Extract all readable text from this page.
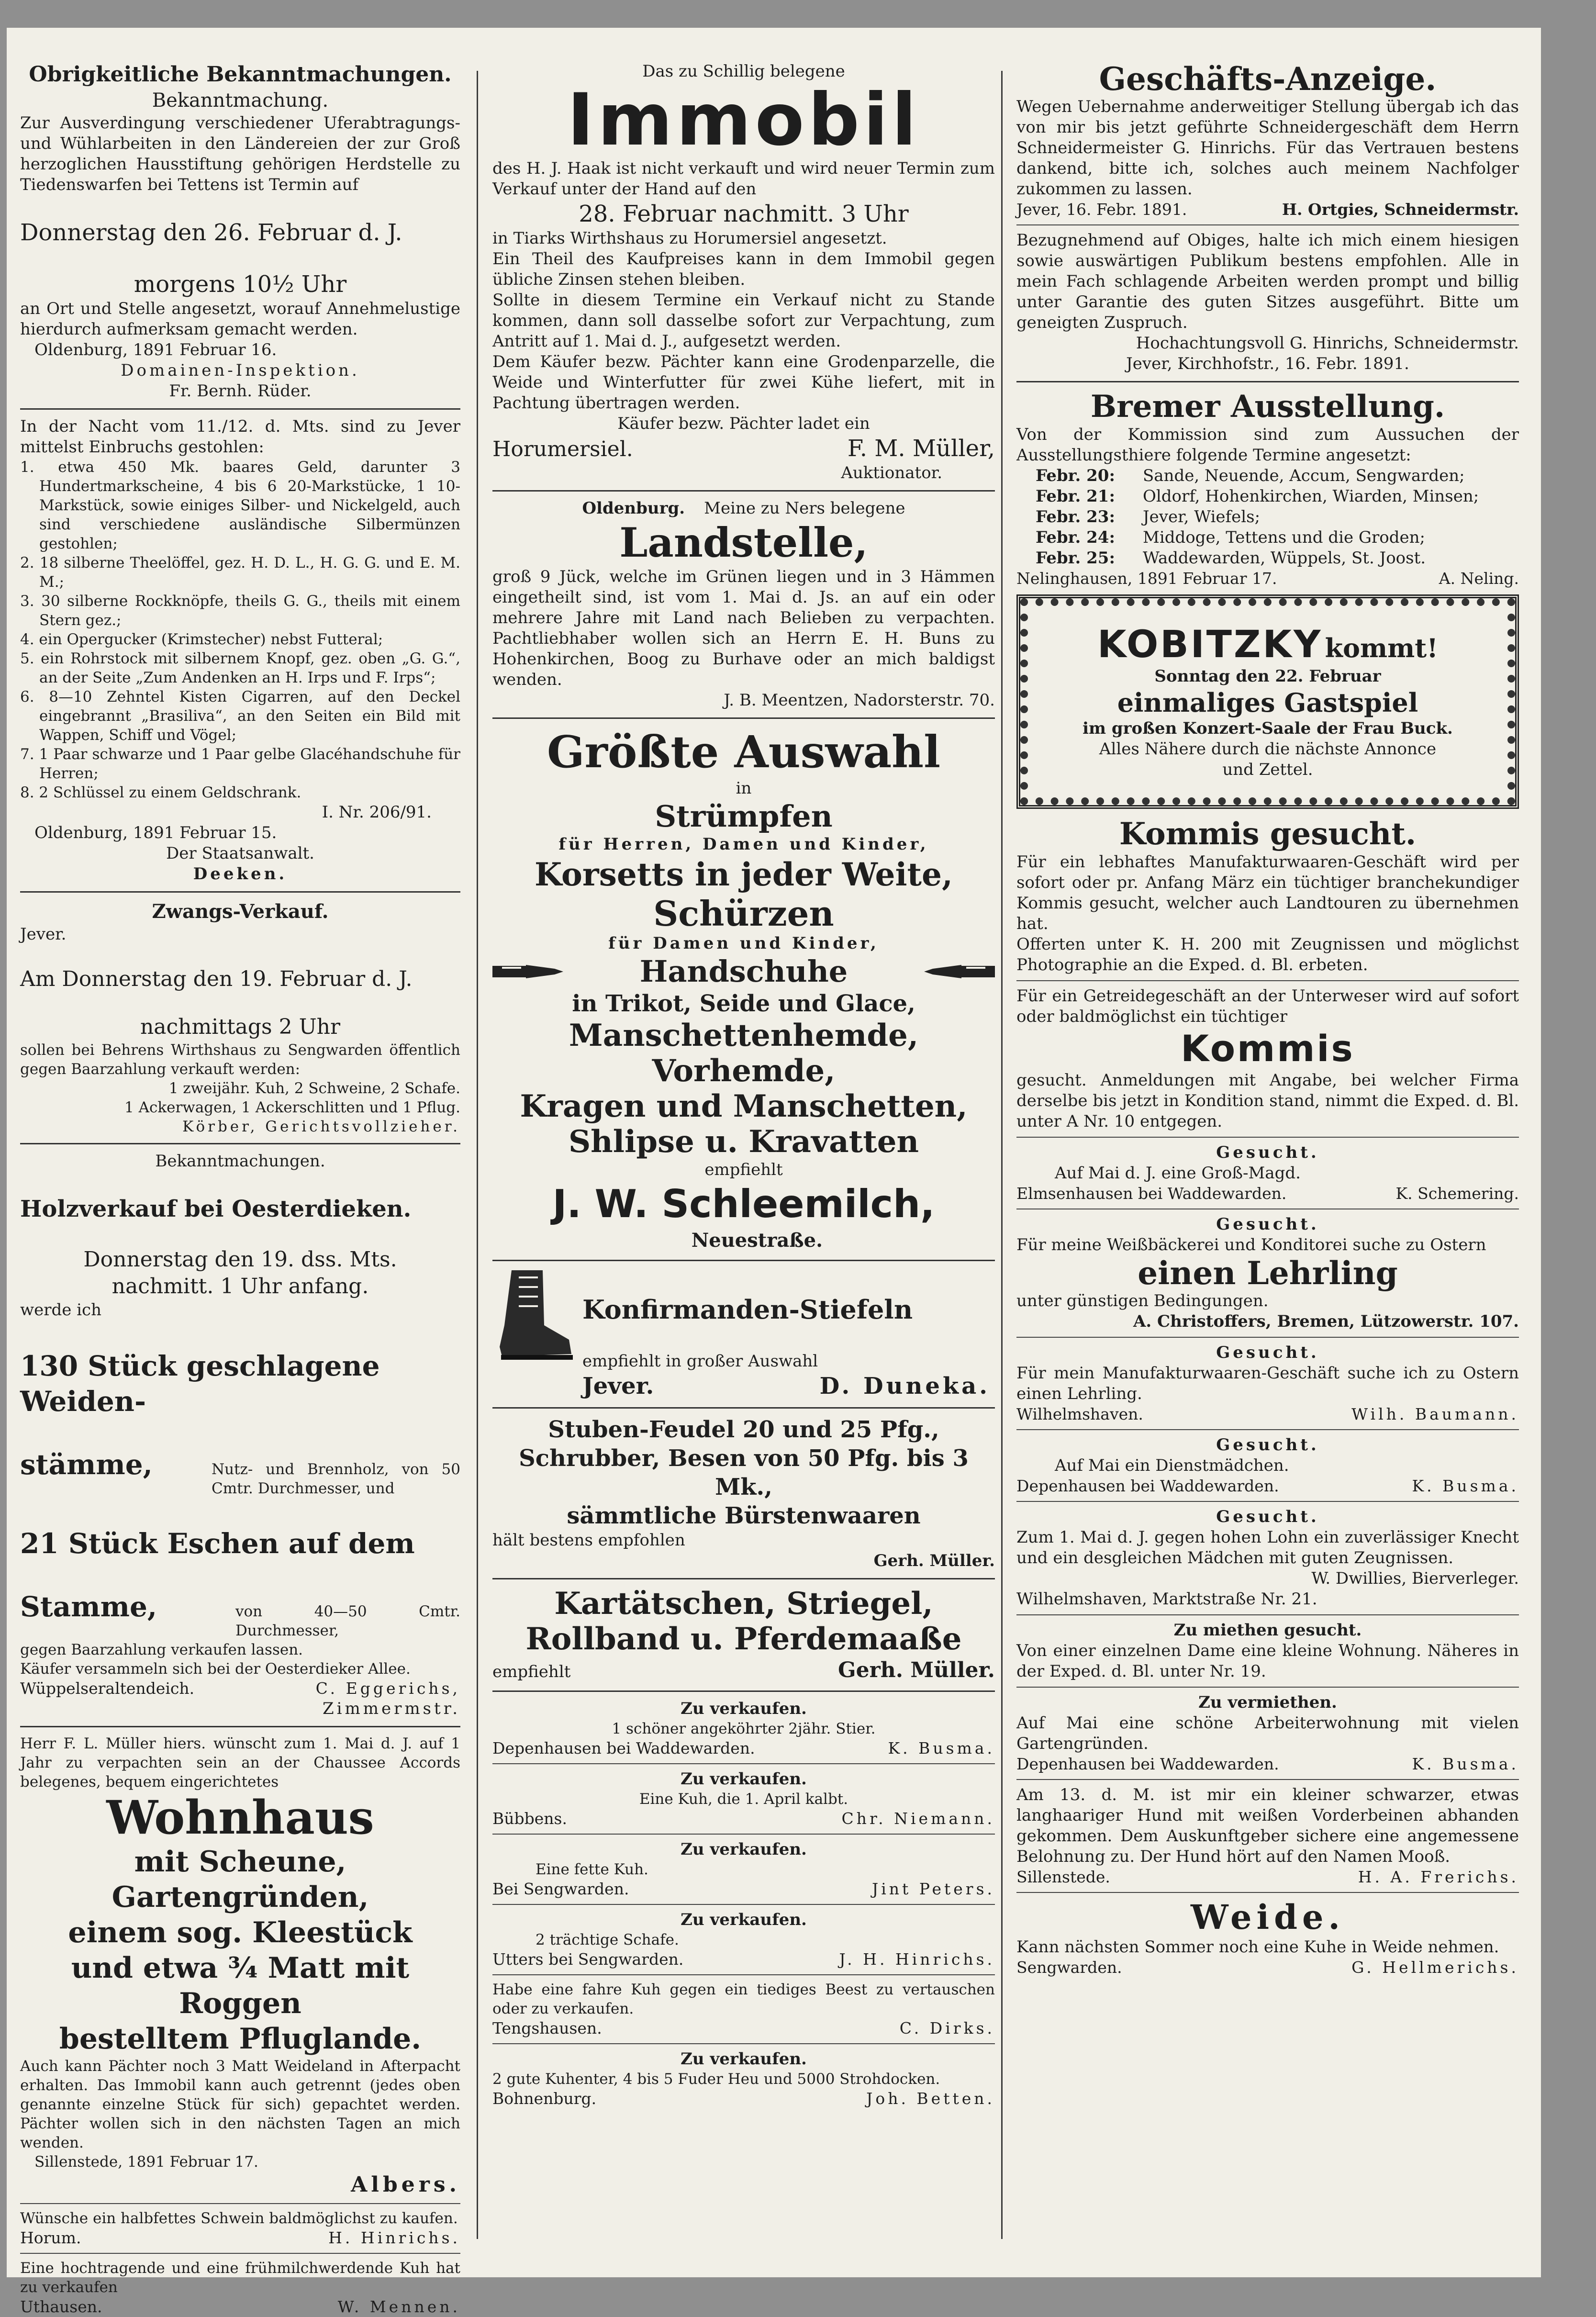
Obrigkeitliche Bekanntmachungen.

Bekanntmachung.

Zur Ausverdingung verschiedener Uferabtragungs- und Wühlarbeiten in den Ländereien der zur Groß herzoglichen Hausstiftung gehörigen Herdstelle zu Tiedenswarfen bei Tettens ist Termin auf

Donnerstag den 26. Februar d. J.

morgens 10½ Uhr

an Ort und Stelle angesetzt, worauf Annehmelustige hierdurch aufmerksam gemacht werden.

Oldenburg, 1891 Februar 16.

Domainen-Inspektion.

Fr. Bernh. Rüder.

In der Nacht vom 11./12. d. Mts. sind zu Jever mittelst Einbruchs gestohlen:

1. etwa 450 Mk. baares Geld, darunter 3 Hundertmarkscheine, 4 bis 6 20-Markstücke, 1 10-Markstück, sowie einiges Silber- und Nickelgeld, auch sind verschiedene ausländische Silbermünzen gestohlen;
2. 18 silberne Theelöffel, gez. H. D. L., H. G. G. und E. M. M.;
3. 30 silberne Rockknöpfe, theils G. G., theils mit einem Stern gez.;
4. ein Opergucker (Krimstecher) nebst Futteral;
5. ein Rohrstock mit silbernem Knopf, gez. oben „G. G.“, an der Seite „Zum Andenken an H. Irps und F. Irps“;
6. 8—10 Zehntel Kisten Cigarren, auf den Deckel eingebrannt „Brasiliva“, an den Seiten ein Bild mit Wappen, Schiff und Vögel;
7. 1 Paar schwarze und 1 Paar gelbe Glacéhandschuhe für Herren;
8. 2 Schlüssel zu einem Geldschrank.

I. Nr. 206/91.

Oldenburg, 1891 Februar 15.

Der Staatsanwalt.

Deeken.

Zwangs-Verkauf.

Jever.

Am Donnerstag den 19. Februar d. J.

nachmittags 2 Uhr

sollen bei Behrens Wirthshaus zu Sengwarden öffentlich gegen Baarzahlung verkauft werden:

1 zweijähr. Kuh, 2 Schweine, 2 Schafe.

1 Ackerwagen, 1 Ackerschlitten und 1 Pflug.

Körber, Gerichtsvollzieher.

Bekanntmachungen.

Holzverkauf bei Oesterdieken.

Donnerstag den 19. dss. Mts.

nachmitt. 1 Uhr anfang.

werde ich

130 Stück geschlagene Weiden-

stämme,	Nutz- und Brennholz, von 50 Cmtr. Durchmesser, und

21 Stück Eschen auf dem

Stamme,	von 40—50 Cmtr. Durchmesser,

gegen Baarzahlung verkaufen lassen.

Käufer versammeln sich bei der Oesterdieker Allee.

Wüppelseraltendeich.	C. Eggerichs,

Zimmermstr.

Herr F. L. Müller hiers. wünscht zum 1. Mai d. J. auf 1 Jahr zu verpachten sein an der Chaussee Accords belegenes, bequem eingerichtetes

Wohnhaus

mit Scheune, Gartengründen,

einem sog. Kleestück

und etwa ¾ Matt mit Roggen

bestelltem Pfluglande.

Auch kann Pächter noch 3 Matt Weideland in Afterpacht erhalten. Das Immobil kann auch getrennt (jedes oben genannte einzelne Stück für sich) gepachtet werden. Pächter wollen sich in den nächsten Tagen an mich wenden.

Sillenstede, 1891 Februar 17.

Albers.

Wünsche ein halbfettes Schwein baldmöglichst zu kaufen.

Horum.	H. Hinrichs.

Eine hochtragende und eine frühmilchwerdende Kuh hat zu verkaufen

Uthausen.	W. Mennen.

Das zu Schillig belegene

Immobil

des H. J. Haak ist nicht verkauft und wird neuer Termin zum Verkauf unter der Hand auf den

28. Februar nachmitt. 3 Uhr

in Tiarks Wirthshaus zu Horumersiel angesetzt.

Ein Theil des Kaufpreises kann in dem Immobil gegen übliche Zinsen stehen bleiben.

Sollte in diesem Termine ein Verkauf nicht zu Stande kommen, dann soll dasselbe sofort zur Verpachtung, zum Antritt auf 1. Mai d. J., aufgesetzt werden.

Dem Käufer bezw. Pächter kann eine Grodenparzelle, die Weide und Winterfutter für zwei Kühe liefert, mit in Pachtung übertragen werden.

Käufer bezw. Pächter ladet ein

Horumersiel.	F. M. Müller,

Auktionator.

Oldenburg. Meine zu Ners belegene

Landstelle,

groß 9 Jück, welche im Grünen liegen und in 3 Hämmen eingetheilt sind, ist vom 1. Mai d. Js. an auf ein oder mehrere Jahre mit Land nach Belieben zu verpachten. Pachtliebhaber wollen sich an Herrn E. H. Buns zu Hohenkirchen, Boog zu Burhave oder an mich baldigst wenden.

J. B. Meentzen, Nadorsterstr. 70.

Größte Auswahl

in

Strümpfen

für Herren, Damen und Kinder,

Korsetts in jeder Weite,

Schürzen

für Damen und Kinder,

Handschuhe

in Trikot, Seide und Glace,

Manschettenhemde, Vorhemde,

Kragen und Manschetten,

Shlipse u. Kravatten

empfiehlt

J. W. Schleemilch,

Neuestraße.

Konfirmanden-Stiefeln

empfiehlt in großer Auswahl

Jever.	D. Duneka.

Stuben-Feudel 20 und 25 Pfg.,

Schrubber, Besen von 50 Pfg. bis 3 Mk.,

sämmtliche Bürstenwaaren

hält bestens empfohlen

Gerh. Müller.

Kartätschen, Striegel,

Rollband u. Pferdemaaße

empfiehlt	Gerh. Müller.

Zu verkaufen.

1 schöner angeköhrter 2jähr. Stier.

Depenhausen bei Waddewarden.	K. Busma.

Zu verkaufen.

Eine Kuh, die 1. April kalbt.

Bübbens.	Chr. Niemann.

Zu verkaufen.

Eine fette Kuh.

Bei Sengwarden.	Jint Peters.

Zu verkaufen.

2 trächtige Schafe.

Utters bei Sengwarden.	J. H. Hinrichs.

Habe eine fahre Kuh gegen ein tiediges Beest zu vertauschen oder zu verkaufen.

Tengshausen.	C. Dirks.

Zu verkaufen.

2 gute Kuhenter, 4 bis 5 Fuder Heu und 5000 Strohdocken.

Bohnenburg.	Joh. Betten.

Geschäfts-Anzeige.

Wegen Uebernahme anderweitiger Stellung übergab ich das von mir bis jetzt geführte Schneidergeschäft dem Herrn Schneidermeister G. Hinrichs. Für das Vertrauen bestens dankend, bitte ich, solches auch meinem Nachfolger zukommen zu lassen.

Jever, 16. Febr. 1891.	H. Ortgies, Schneidermstr.

Bezugnehmend auf Obiges, halte ich mich einem hiesigen sowie auswärtigen Publikum bestens empfohlen. Alle in mein Fach schlagende Arbeiten werden prompt und billig unter Garantie des guten Sitzes ausgeführt. Bitte um geneigten Zuspruch.

Hochachtungsvoll G. Hinrichs, Schneidermstr.

Jever, Kirchhofstr., 16. Febr. 1891.

Bremer Ausstellung.

Von der Kommission sind zum Aussuchen der Ausstellungsthiere folgende Termine angesetzt:

Febr. 20:	Sande, Neuende, Accum, Sengwarden;
Febr. 21:	Oldorf, Hohenkirchen, Wiarden, Minsen;
Febr. 23:	Jever, Wiefels;
Febr. 24:	Middoge, Tettens und die Groden;
Febr. 25:	Waddewarden, Wüppels, St. Joost.
Nelinghausen, 1891 Februar 17.	A. Neling.

KOBITZKY kommt!

Sonntag den 22. Februar

einmaliges Gastspiel

im großen Konzert-Saale der Frau Buck.

Alles Nähere durch die nächste Annonce und Zettel.

Kommis gesucht.

Für ein lebhaftes Manufakturwaaren-Geschäft wird per sofort oder pr. Anfang März ein tüchtiger branchekundiger Kommis gesucht, welcher auch Landtouren zu übernehmen hat.

Offerten unter K. H. 200 mit Zeugnissen und möglichst Photographie an die Exped. d. Bl. erbeten.

Für ein Getreidegeschäft an der Unterweser wird auf sofort oder baldmöglichst ein tüchtiger

Kommis

gesucht. Anmeldungen mit Angabe, bei welcher Firma derselbe bis jetzt in Kondition stand, nimmt die Exped. d. Bl. unter A Nr. 10 entgegen.

Gesucht.

Auf Mai d. J. eine Groß-Magd.

Elmsenhausen bei Waddewarden.	K. Schemering.

Gesucht.

Für meine Weißbäckerei und Konditorei suche zu Ostern

einen Lehrling

unter günstigen Bedingungen.

A. Christoffers, Bremen, Lützowerstr. 107.

Gesucht.

Für mein Manufakturwaaren-Geschäft suche ich zu Ostern einen Lehrling.

Wilhelmshaven.	Wilh. Baumann.

Gesucht.

Auf Mai ein Dienstmädchen.

Depenhausen bei Waddewarden.	K. Busma.

Gesucht.

Zum 1. Mai d. J. gegen hohen Lohn ein zuverlässiger Knecht und ein desgleichen Mädchen mit guten Zeugnissen.

W. Dwillies, Bierverleger.

Wilhelmshaven, Marktstraße Nr. 21.

Zu miethen gesucht.

Von einer einzelnen Dame eine kleine Wohnung. Näheres in der Exped. d. Bl. unter Nr. 19.

Zu vermiethen.

Auf Mai eine schöne Arbeiterwohnung mit vielen Gartengründen.

Depenhausen bei Waddewarden.	K. Busma.

Am 13. d. M. ist mir ein kleiner schwarzer, etwas langhaariger Hund mit weißen Vorderbeinen abhanden gekommen. Dem Auskunftgeber sichere eine angemessene Belohnung zu. Der Hund hört auf den Namen Mooß.

Sillenstede.	H. A. Frerichs.

Weide.

Kann nächsten Sommer noch eine Kuhe in Weide nehmen.

Sengwarden.	G. Hellmerichs.
